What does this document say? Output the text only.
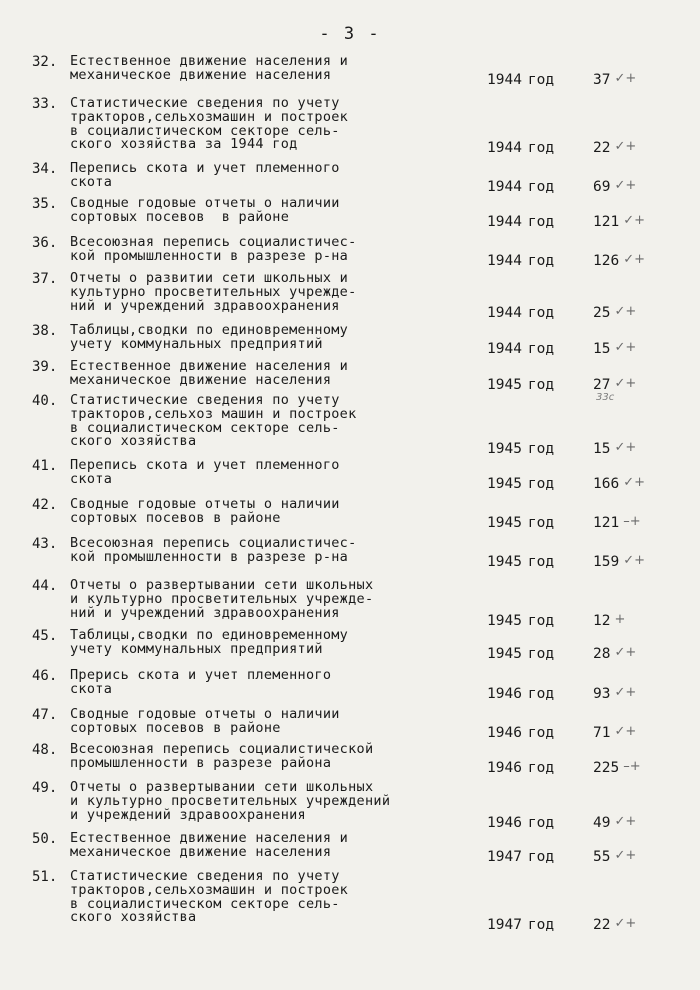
- 3 -
33с
32. Естественное движение населения и
механическое движение населения	1944 год	37 ✓+
33. Статистические сведения по учету
тракторов,сельхозмашин и построек
в социалистическом секторе сель-
ского хозяйства за 1944 год	1944 год	22 ✓+
34. Перепись скота и учет племенного
скота	1944 год	69 ✓+
35. Сводные годовые отчеты о наличии
сортовых посевов  в районе	1944 год	121 ✓+
36. Всесоюзная перепись социалистичес-
кой промышленности в разрезе р-на	1944 год	126 ✓+
37. Отчеты о развитии сети школьных и
культурно просветительных учрежде-
ний и учреждений здравоохранения	1944 год	25 ✓+
38. Таблицы,сводки по единовременному
учету коммунальных предприятий	1944 год	15 ✓+
39. Естественное движение населения и
механическое движение населения	1945 год	27 ✓+
40. Статистические сведения по учету
тракторов,сельхоз машин и построек
в социалистическом секторе сель-
ского хозяйства	1945 год	15 ✓+
41. Перепись скота и учет племенного
скота	1945 год	166 ✓+
42. Сводные годовые отчеты о наличии
сортовых посевов в районе	1945 год	121 –+
43. Всесоюзная перепись социалистичес-
кой промышленности в разрезе р-на	1945 год	159 ✓+
44. Отчеты о развертывании сети школьных
и культурно просветительных учрежде-
ний и учреждений здравоохранения
1945 год	12 +
45. Таблицы,сводки по единовременному
учету коммунальных предприятий	1945 год	28 ✓+
46. Прepись скота и учет племенного
скота	1946 год	93 ✓+
47. Сводные годовые отчеты о наличии
сортовых посевов в районе	1946 год	71 ✓+
48. Всесоюзная перепись социалистической
промышленности в разрезе района	1946 год	225 –+
49. Отчеты о развертывании сети школьных
и культурно просветительных учреждений
и учреждений здравоохранения
1946 год	49 ✓+
50. Естественное движение населения и
механическое движение населения	1947 год	55 ✓+
51. Статистические сведения по учету
тракторов,сельхозмашин и построек
в социалистическом секторе сель-
ского хозяйства	1947 год	22 ✓+
